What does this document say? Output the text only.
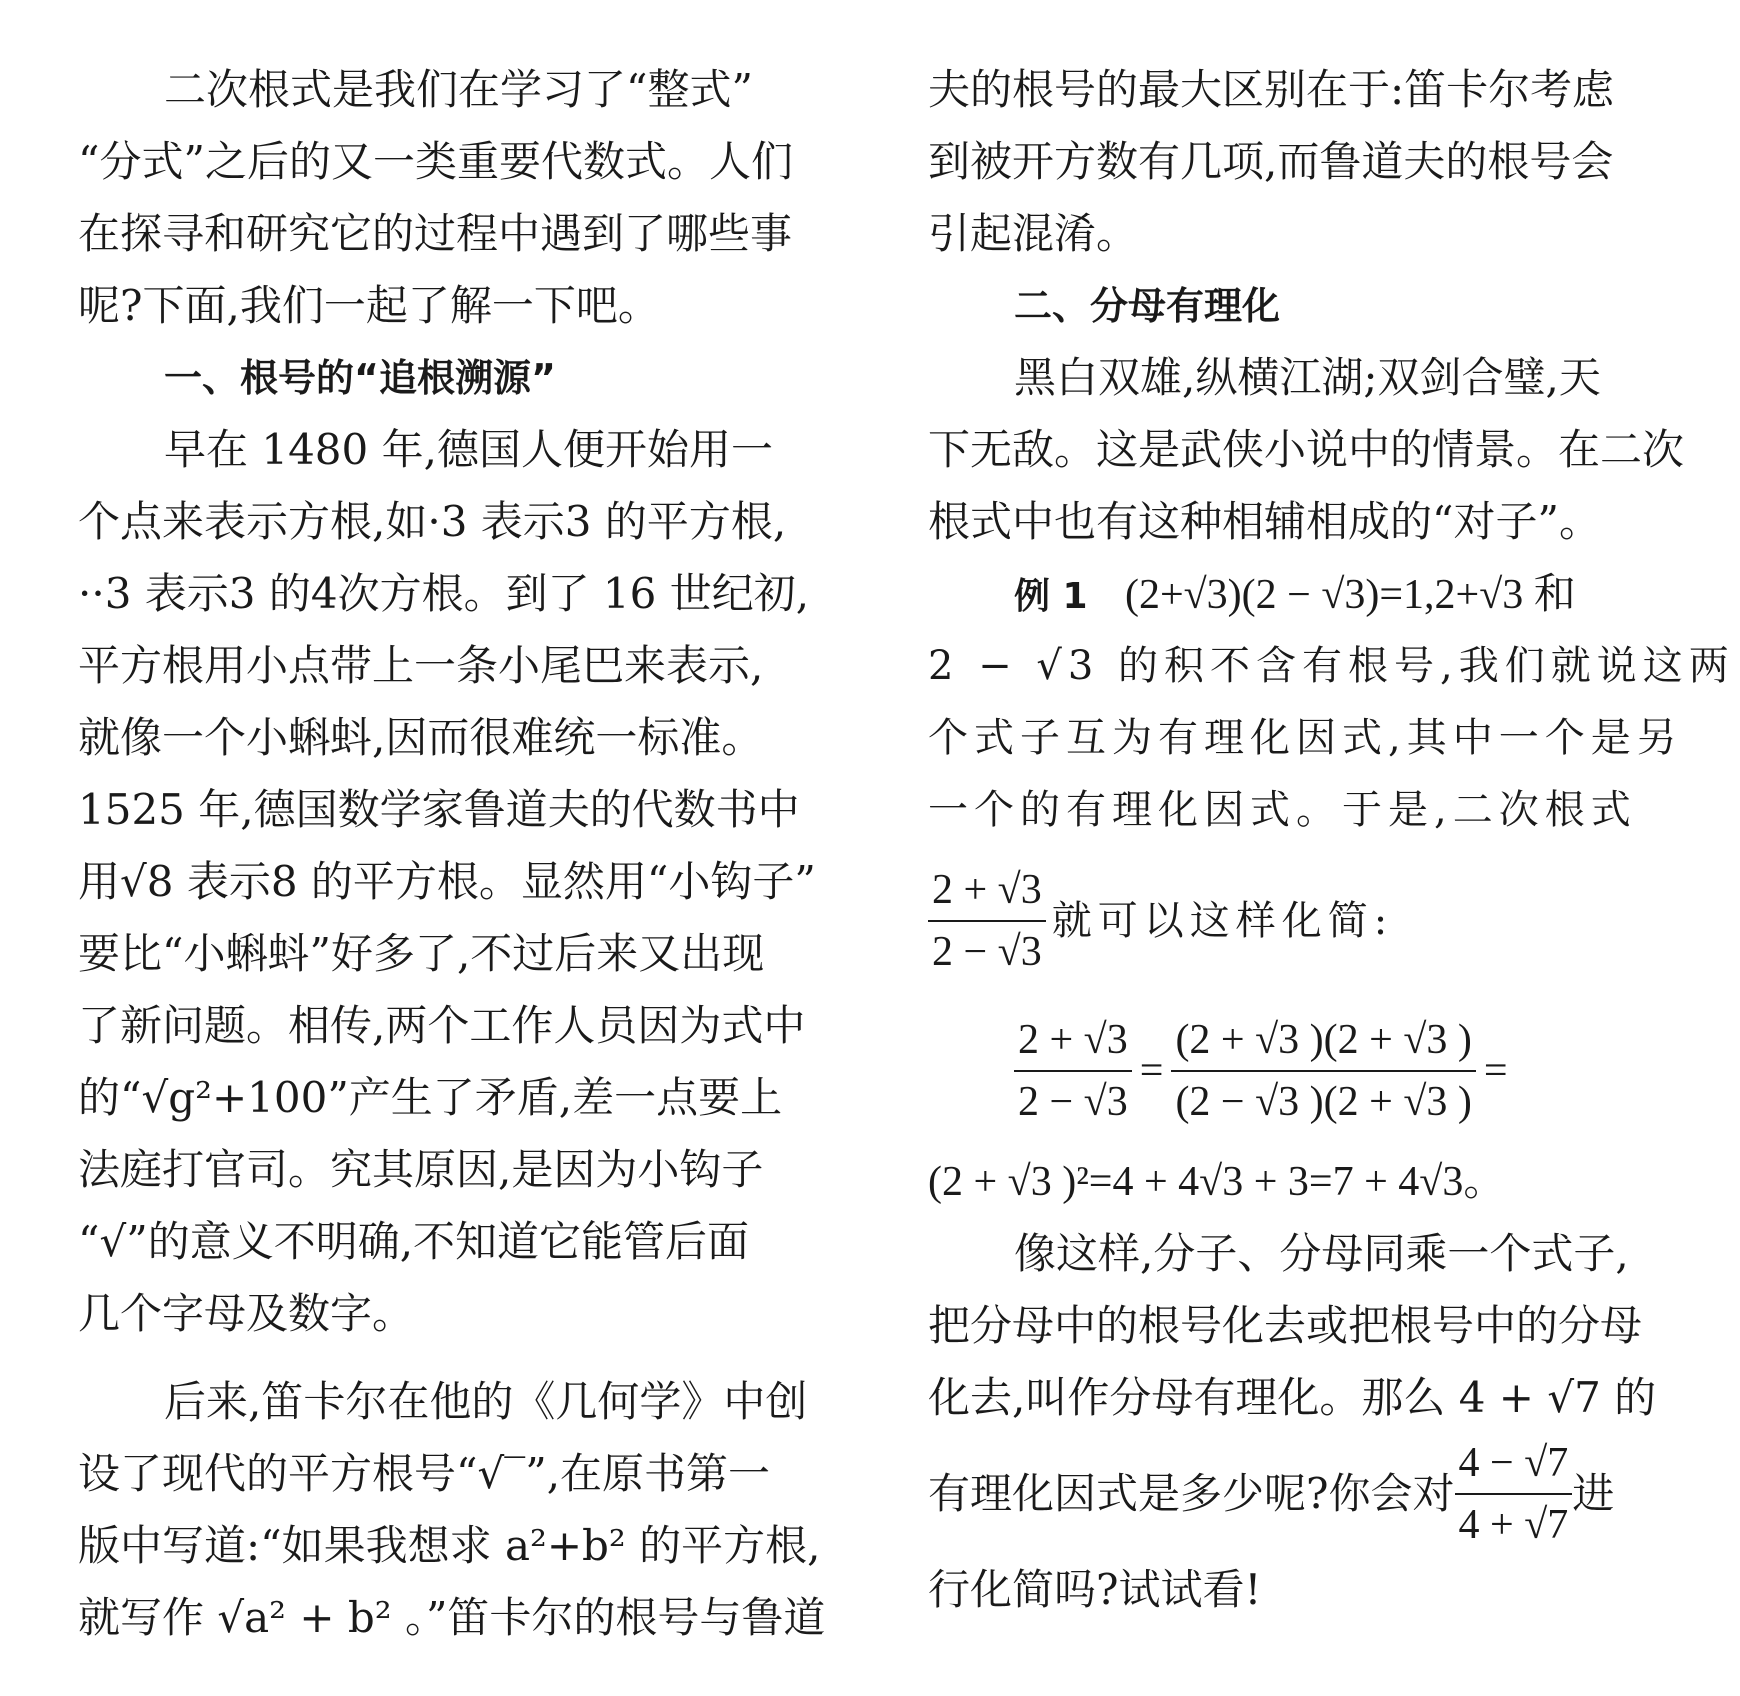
二次根式是我们在学习了“整式”
“分式”之后的又一类重要代数式。人们
在探寻和研究它的过程中遇到了哪些事
呢?下面,我们一起了解一下吧。
一、根号的“追根溯源”
早在 1480 年,德国人便开始用一
个点来表示方根,如·3 表示3 的平方根,
··3 表示3 的4次方根。到了 16 世纪初,
平方根用小点带上一条小尾巴来表示,
就像一个小蝌蚪,因而很难统一标准。
1525 年,德国数学家鲁道夫的代数书中
用√8 表示8 的平方根。显然用“小钩子”
要比“小蝌蚪”好多了,不过后来又出现
了新问题。相传,两个工作人员因为式中
的“√g²+100”产生了矛盾,差一点要上
法庭打官司。究其原因,是因为小钩子
“√”的意义不明确,不知道它能管后面
几个字母及数字。
后来,笛卡尔在他的《几何学》中创
设了现代的平方根号“√‾”,在原书第一
版中写道:“如果我想求 a²+b² 的平方根,
就写作 √a² + b² 。”笛卡尔的根号与鲁道
夫的根号的最大区别在于:笛卡尔考虑
到被开方数有几项,而鲁道夫的根号会
引起混淆。
二、分母有理化
黑白双雄,纵横江湖;双剑合璧,天
下无敌。这是武侠小说中的情景。在二次
根式中也有这种相辅相成的“对子”。
例 1 (2+√3)(2 − √3)=1,2+√3 和
2 − √3 的积不含有根号,我们就说这两
个式子互为有理化因式,其中一个是另
一个的有理化因式。于是,二次根式
$\frac{2 + √3}{2 - √3}$ 就可以这样化简:
$\frac{2 + √3}{2 - √3} = \frac{(2 + √3 )(2 + √3 )}{(2 - √3 )(2 + √3 )}$ =
(2 + √3 )²=4 + 4√3 + 3=7 + 4√3。
像这样,分子、分母同乘一个式子,
把分母中的根号化去或把根号中的分母
化去,叫作分母有理化。那么 4 + √7 的
有理化因式是多少呢?你会对 $\frac{4 - √7}{4 + √7}$ 进
行化简吗?试试看!
